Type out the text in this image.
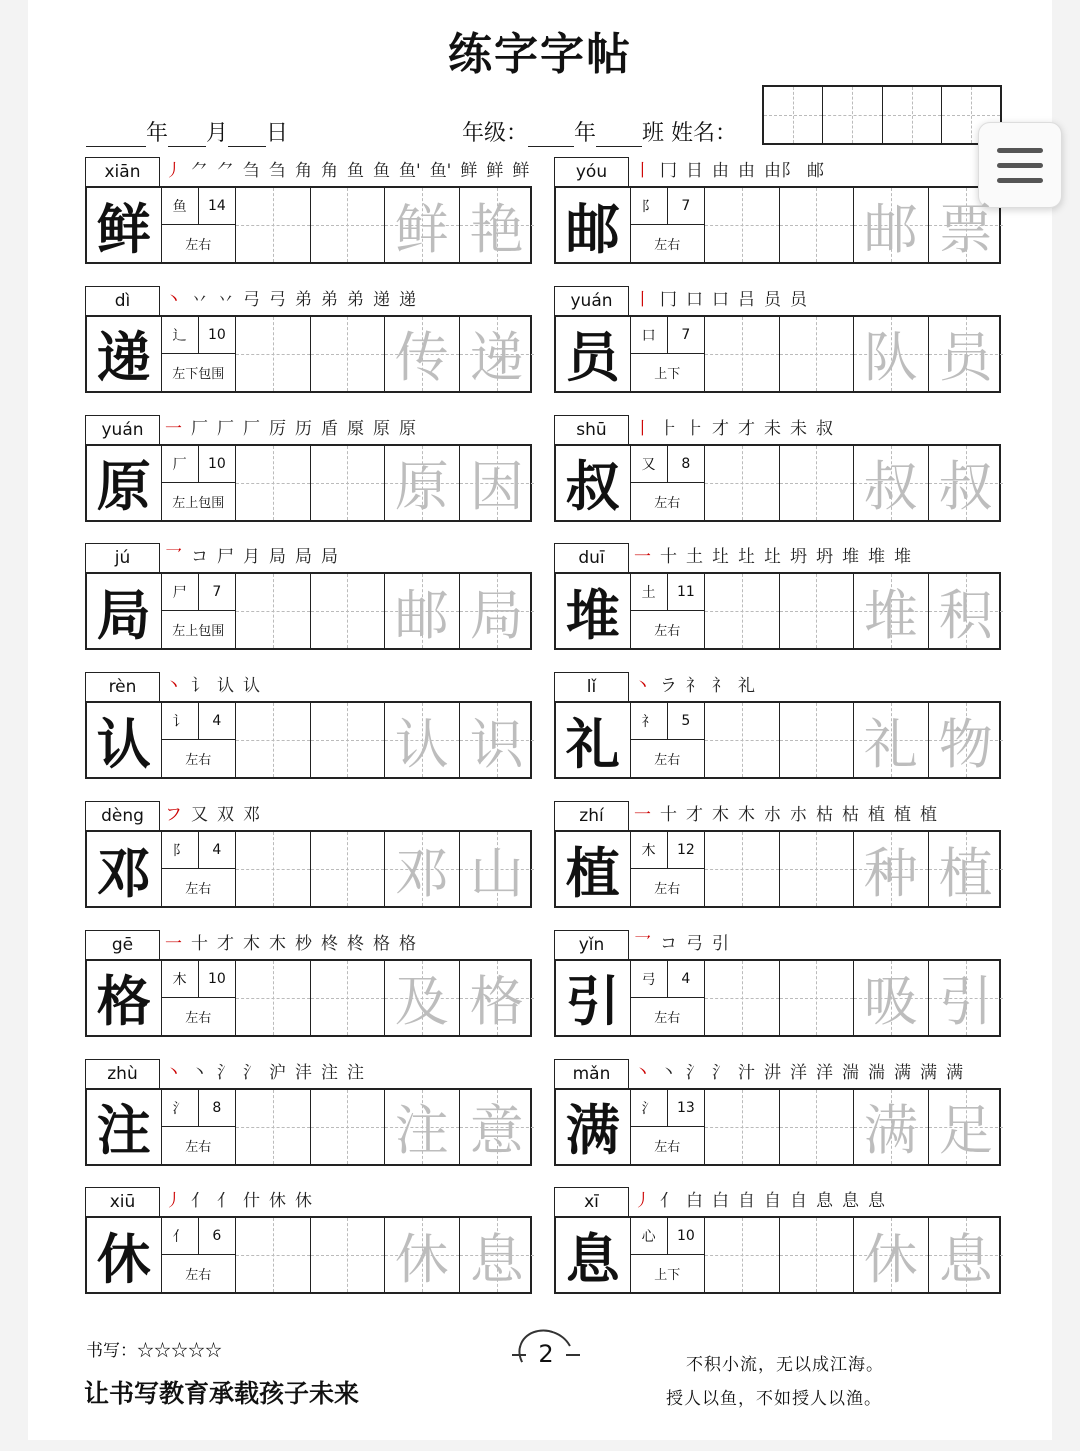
练字字帖
年 月 日	年级： 年 班 姓名：
xiān	丿 ⺈ ⺈ 刍 刍 角 角 鱼 鱼 鱼' 鱼' 鲜 鲜 鲜
鲜	鱼	14
左右	鲜 艳
yóu	丨 冂 日 由 由 由阝 邮
邮	阝	7
左右	邮 票
dì	丶 丷 丷 弓 弓 弟 弟 弟 递 递
递	辶	10
左下包围	传 递
yuán	丨 冂 口 口 吕 员 员
员	口	7
上下	队 员
yuán	一 厂 厂 厂 厉 历 盾 厡 原 原
原	厂	10
左上包围	原 因
shū	丨 ⺊ ⺊ 才 才 未 未 叔
叔	又	8
左右	叔 叔
jú	乛 コ 尸 月 局 局 局
局	尸	7
左上包围	邮 局
duī	一 十 土 圵 圵 圵 坍 坍 堆 堆 堆
堆	土	11
左右	堆 积
rèn	丶 讠 认 认
认	讠	4
左右	认 识
lǐ	丶 ラ 礻 礻 礼
礼	礻	5
左右	礼 物
dèng	フ 又 双 邓
邓	阝	4
左右	邓 山
zhí	一 十 才 木 木 朩 朩 枯 枯 植 植 植
植	木	12
左右	种 植
gē	一 十 才 木 木 杪 柊 柊 格 格
格	木	10
左右	及 格
yǐn	乛 コ 弓 引
引	弓	4
左右	吸 引
zhù	丶 丶 氵 氵 沪 沣 注 注
注	氵	8
左右	注 意
mǎn	丶 丶 氵 氵 汁 汫 洋 洋 湍 湍 满 满 满
满	氵	13
左右	满 足
xiū	丿 亻 亻 什 休 休
休	亻	6
左右	休 息
xī	丿 亻 白 白 自 自 自 息 息 息
息	心	10
上下	休 息
书写：☆☆☆☆☆
让书写教育承载孩子未来
2	不积小流，无以成江海。
授人以鱼，不如授人以渔。
